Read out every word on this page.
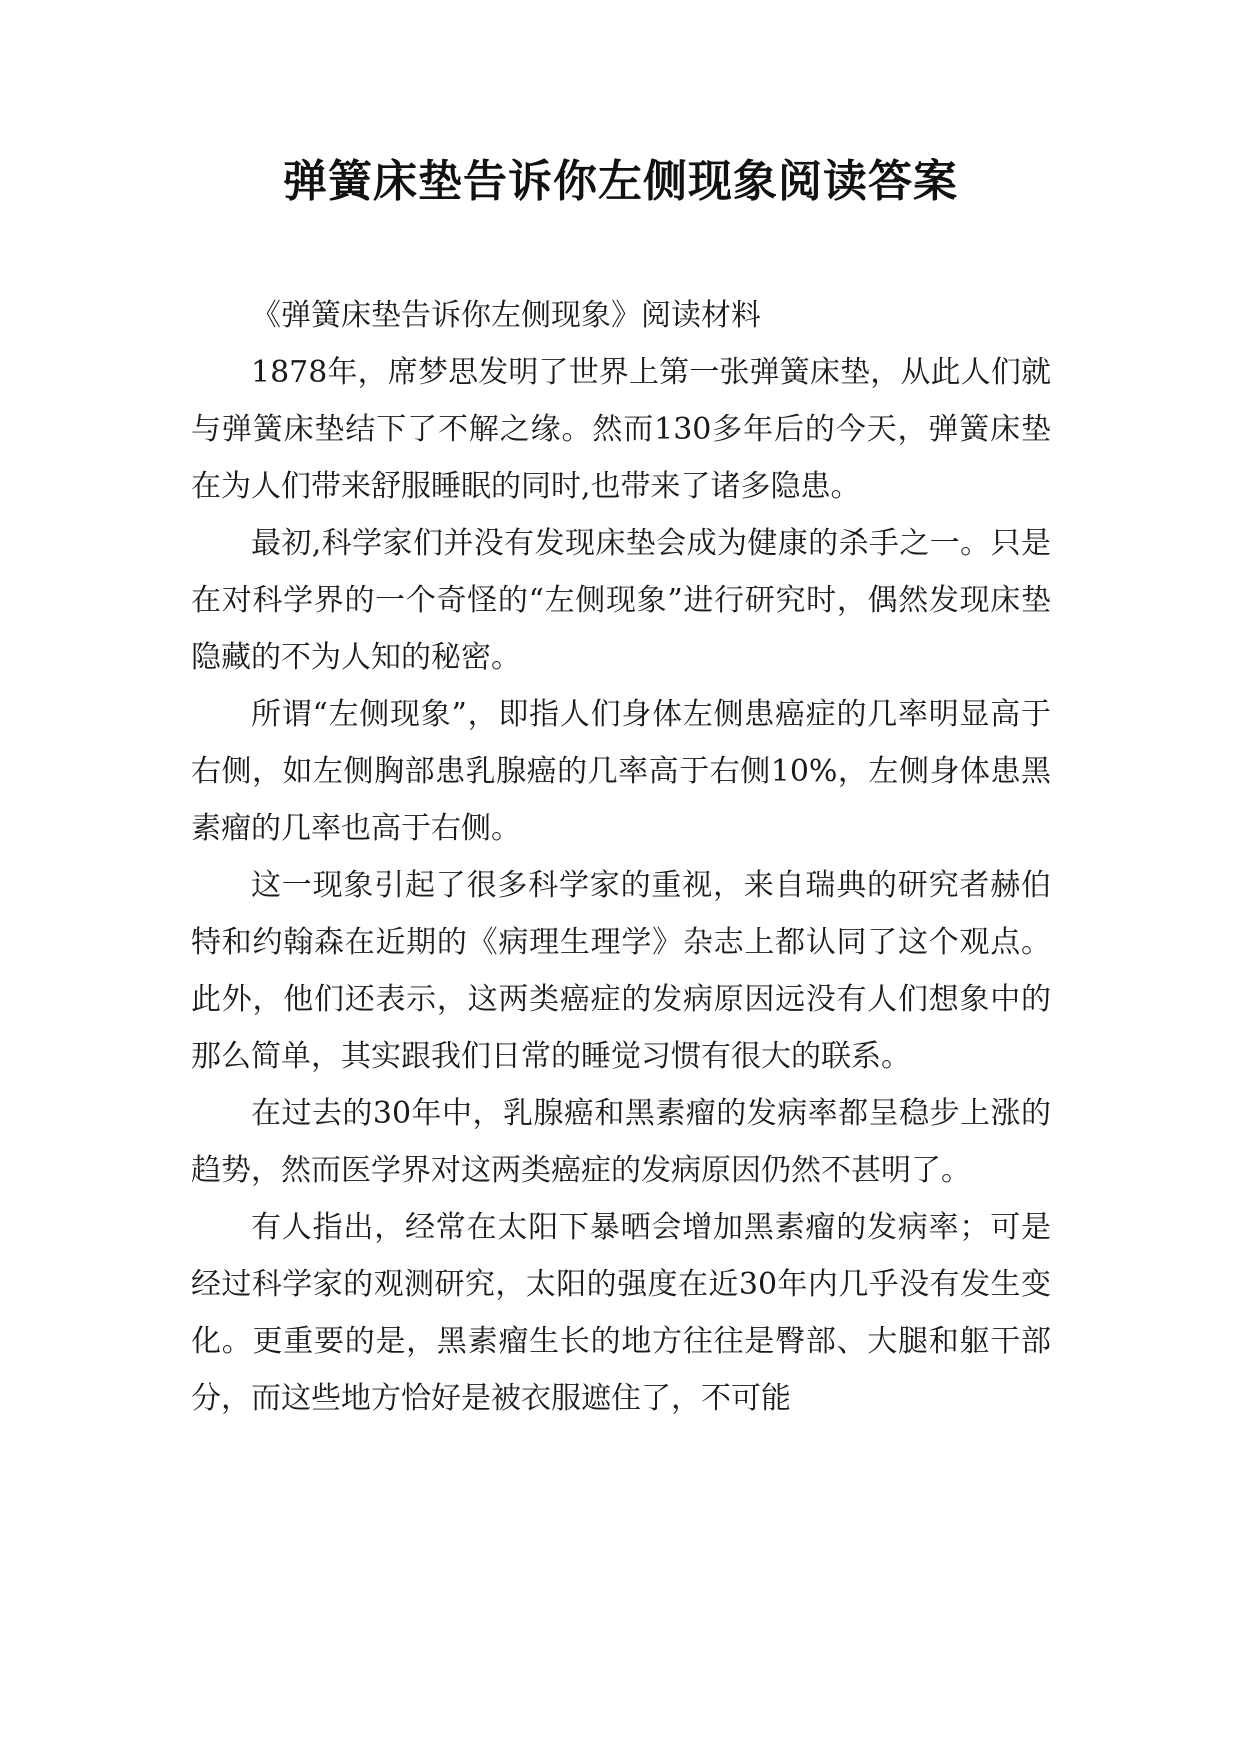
弹簧床垫告诉你左侧现象阅读答案

《弹簧床垫告诉你左侧现象》阅读材料

1878年，席梦思发明了世界上第一张弹簧床垫，从此人们就与弹簧床垫结下了不解之缘。然而130多年后的今天，弹簧床垫在为人们带来舒服睡眠的同时,也带来了诸多隐患。

最初,科学家们并没有发现床垫会成为健康的杀手之一。只是在对科学界的一个奇怪的“左侧现象”进行研究时，偶然发现床垫隐藏的不为人知的秘密。

所谓“左侧现象”，即指人们身体左侧患癌症的几率明显高于右侧，如左侧胸部患乳腺癌的几率高于右侧10%，左侧身体患黑素瘤的几率也高于右侧。

这一现象引起了很多科学家的重视，来自瑞典的研究者赫伯特和约翰森在近期的《病理生理学》杂志上都认同了这个观点。此外，他们还表示，这两类癌症的发病原因远没有人们想象中的那么简单，其实跟我们日常的睡觉习惯有很大的联系。

在过去的30年中，乳腺癌和黑素瘤的发病率都呈稳步上涨的趋势，然而医学界对这两类癌症的发病原因仍然不甚明了。

有人指出，经常在太阳下暴晒会增加黑素瘤的发病率；可是经过科学家的观测研究，太阳的强度在近30年内几乎没有发生变化。更重要的是，黑素瘤生长的地方往往是臀部、大腿和躯干部分，而这些地方恰好是被衣服遮住了，不可能
